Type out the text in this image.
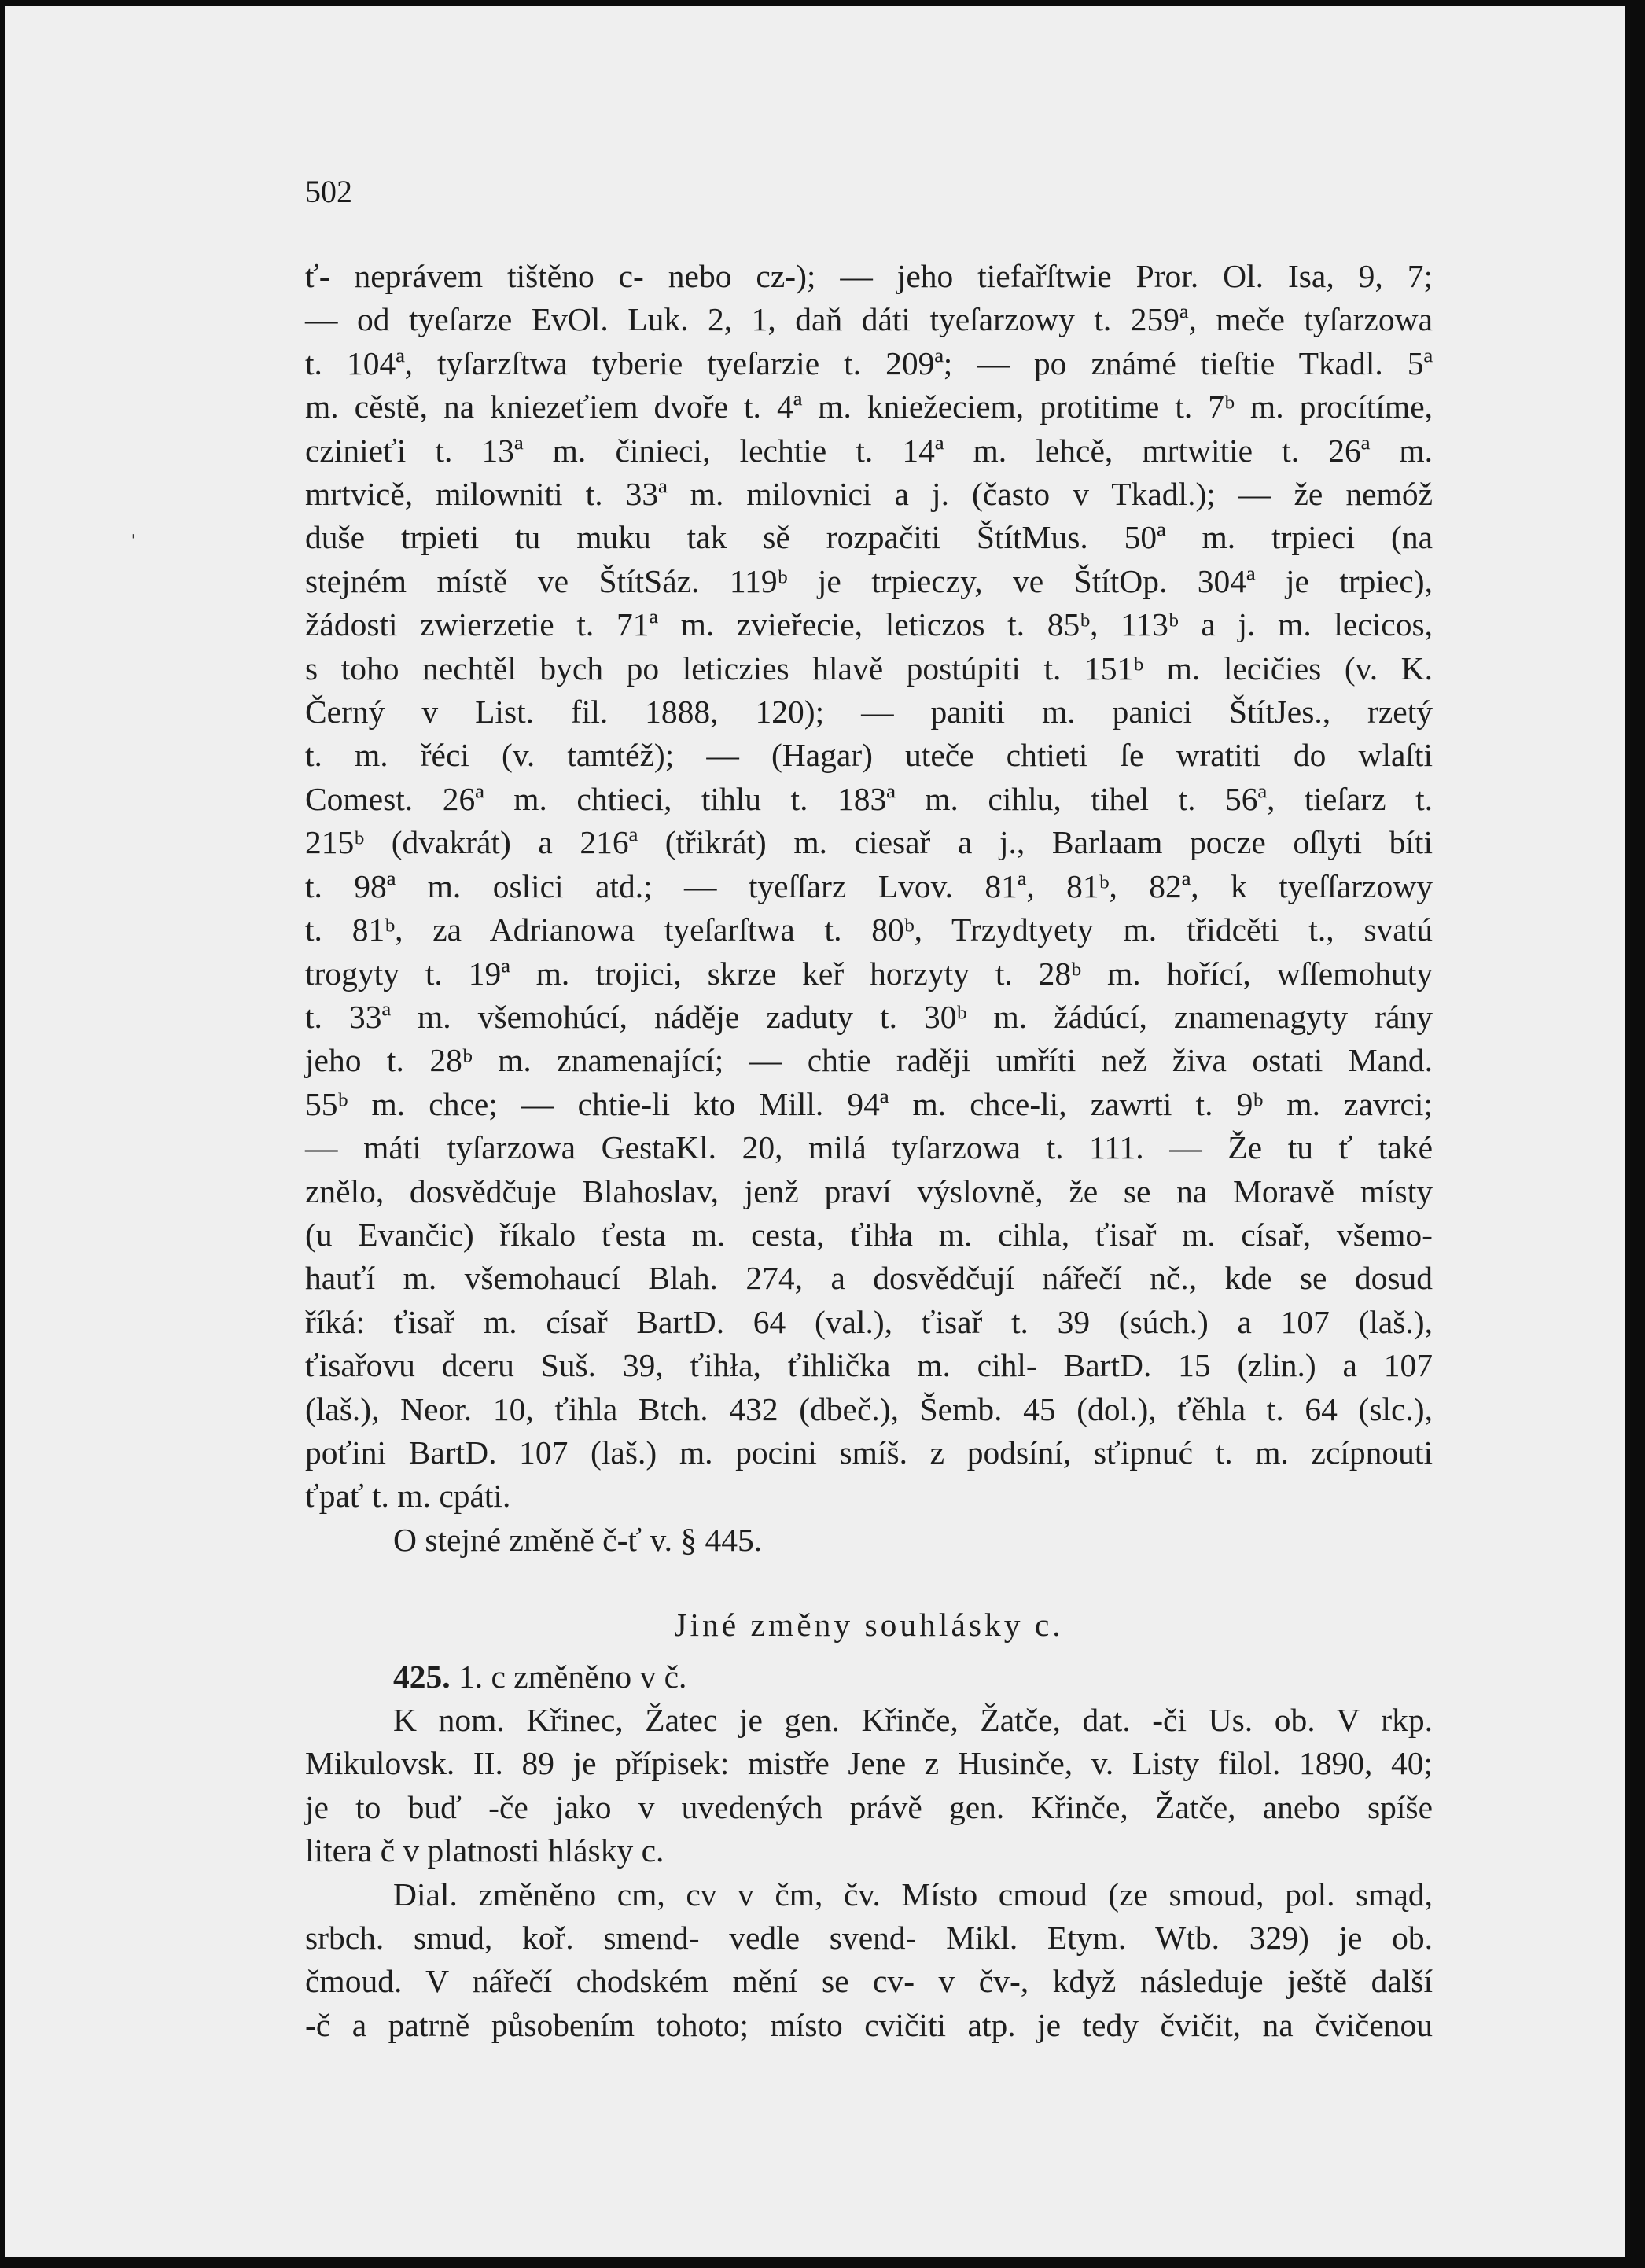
502
ˌ

ť- neprávem tištěno c- nebo cz-); — jeho tiefařſtwie Pror. Ol. Isa, 9, 7;
— od tyeſarze EvOl. Luk. 2, 1, daň dáti tyeſarzowy t. 259ª, meče tyſarzowa
t. 104ª, tyſarzſtwa tyberie tyeſarzie t. 209ª; — po známé tieſtie Tkadl. 5ª
m. cěstě, na kniezeťiem dvoře t. 4ª m. kniežeciem, protitime t. 7ᵇ m. procítíme,
czinieťi t. 13ª m. činieci, lechtie t. 14ª m. lehcě, mrtwitie t. 26ª m.
mrtvicě, milowniti t. 33ª m. milovnici a j. (často v Tkadl.); — že nemóž
duše trpieti tu muku tak sě rozpačiti ŠtítMus. 50ª m. trpieci (na
stejném místě ve ŠtítSáz. 119ᵇ je trpieczy, ve ŠtítOp. 304ª je trpiec),
žádosti zwierzetie t. 71ª m. zvieřecie, leticzos t. 85ᵇ, 113ᵇ a j. m. lecicos,
s toho nechtěl bych po leticzies hlavě postúpiti t. 151ᵇ m. lecičies (v. K.
Černý v List. fil. 1888, 120); — paniti m. panici ŠtítJes., rzetý
t. m. řéci (v. tamtéž); — (Hagar) uteče chtieti ſe wratiti do wlaſti
Comest. 26ª m. chtieci, tihlu t. 183ª m. cihlu, tihel t. 56ª, tieſarz t.
215ᵇ (dvakrát) a 216ª (třikrát) m. ciesař a j., Barlaam pocze oſlyti bíti
t. 98ª m. oslici atd.; — tyeſſarz Lvov. 81ª, 81ᵇ, 82ª, k tyeſſarzowy
t. 81ᵇ, za Adrianowa tyeſarſtwa t. 80ᵇ, Trzydtyety m. třidcěti t., svatú
trogyty t. 19ª m. trojici, skrze keř horzyty t. 28ᵇ m. hořící, wſſemohuty
t. 33ª m. všemohúcí, náděje zaduty t. 30ᵇ m. žádúcí, znamenagyty rány
jeho t. 28ᵇ m. znamenající; — chtie raději umříti než živa ostati Mand.
55ᵇ m. chce; — chtie-li kto Mill. 94ª m. chce-li, zawrti t. 9ᵇ m. zavrci;
— máti tyſarzowa GestaKl. 20, milá tyſarzowa t. 111. — Že tu ť také
znělo, dosvědčuje Blahoslav, jenž praví výslovně, že se na Moravě místy
(u Evančic) říkalo ťesta m. cesta, ťihła m. cihla, ťisař m. císař, všemo-
hauťí m. všemohaucí Blah. 274, a dosvědčují nářečí nč., kde se dosud
říká: ťisař m. císař BartD. 64 (val.), ťisař t. 39 (súch.) a 107 (laš.),
ťisařovu dceru Suš. 39, ťihła, ťihlička m. cihl- BartD. 15 (zlin.) a 107
(laš.), Neor. 10, ťihla Btch. 432 (dbeč.), Šemb. 45 (dol.), ťěhla t. 64 (slc.),
poťini BartD. 107 (laš.) m. pocini smíš. z podsíní, sťipnuć t. m. zcípnouti
ťpať t. m. cpáti.

O stejné změně č-ť v. § 445.

Jiné změny souhlásky c.
425. 1. c změněno v č.

K nom. Křinec, Žatec je gen. Křinče, Žatče, dat. -či Us. ob. V rkp.
Mikulovsk. II. 89 je přípisek: mistře Jene z Husinče, v. Listy filol. 1890, 40;
je to buď -če jako v uvedených právě gen. Křinče, Žatče, anebo spíše
litera č v platnosti hlásky c.

Dial. změněno cm, cv v čm, čv. Místo cmoud (ze smoud, pol. smąd,
srbch. smud, koř. smend- vedle svend- Mikl. Etym. Wtb. 329) je ob.
čmoud. V nářečí chodském mění se cv- v čv-, když následuje ještě další
-č a patrně působením tohoto; místo cvičiti atp. je tedy čvičit, na čvičenou
